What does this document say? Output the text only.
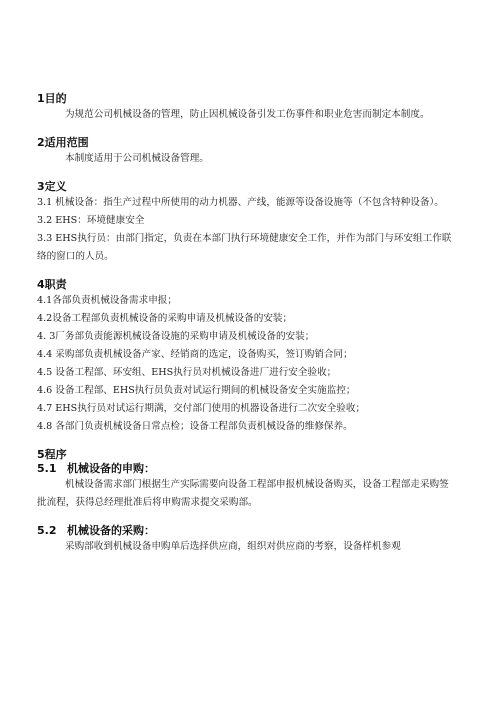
1目的
为规范公司机械设备的管理，防止因机械设备引发工伤事件和职业危害而制定本制度。
2适用范围
本制度适用于公司机械设备管理。
3定义
3.1 机械设备：指生产过程中所使用的动力机器、产线，能源等设备设施等（不包含特种设备）。
3.2 EHS：环境健康安全
3.3 EHS执行员：由部门指定，负责在本部门执行环境健康安全工作，并作为部门与环安组工作联络的窗口的人员。
4职责
4.1各部负责机械设备需求申报；
4.2设备工程部负责机械设备的采购申请及机械设备的安装；
4. 3厂务部负责能源机械设备设施的采购申请及机械设备的安装；
4.4 采购部负责机械设备产家、经销商的选定，设备购买，签订购销合同；
4.5 设备工程部、环安组、EHS执行员对机械设备进厂进行安全验收；
4.6 设备工程部、EHS执行员负责对试运行期间的机械设备安全实施监控；
4.7 EHS执行员对试运行期满，交付部门使用的机器设备进行二次安全验收；
4.8 各部门负责机械设备日常点检；设备工程部负责机械设备的维修保养。
5程序
5.1 机械设备的申购：
机械设备需求部门根据生产实际需要向设备工程部申报机械设备购买，设备工程部走采购签批流程，获得总经理批准后将申购需求提交采购部。
5.2 机械设备的采购：
采购部收到机械设备申购单后选择供应商，组织对供应商的考察，设备样机参观
